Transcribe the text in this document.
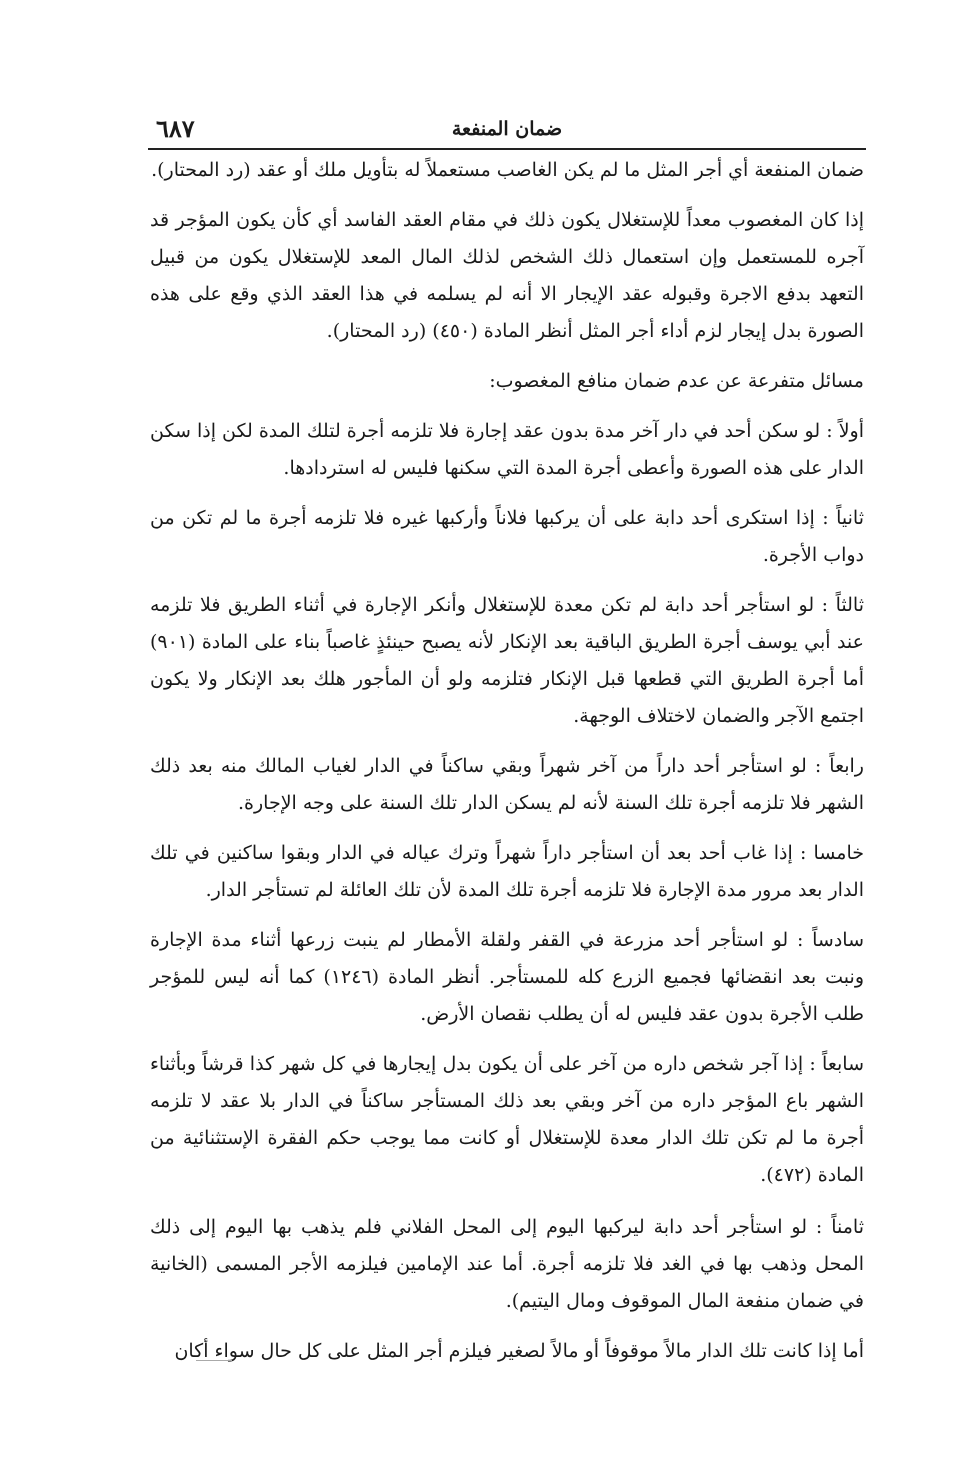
ضمان المنفعة
٦٨٧

ضمان المنفعة أي أجر المثل ما لم يكن الغاصب مستعملاً له بتأويل ملك أو عقد (رد المحتار).

إذا كان المغصوب معداً للإستغلال يكون ذلك في مقام العقد الفاسد أي كأن يكون المؤجر قد آجره للمستعمل وإن استعمال ذلك الشخص لذلك المال المعد للإستغلال يكون من قبيل التعهد بدفع الاجرة وقبوله عقد الإيجار الا أنه لم يسلمه في هذا العقد الذي وقع على هذه الصورة بدل إيجار لزم أداء أجر المثل أنظر المادة (٤٥٠) (رد المحتار).

مسائل متفرعة عن عدم ضمان منافع المغصوب:

أولاً : لو سكن أحد في دار آخر مدة بدون عقد إجارة فلا تلزمه أجرة لتلك المدة لكن إذا سكن الدار على هذه الصورة وأعطى أجرة المدة التي سكنها فليس له استردادها.

ثانياً : إذا استكرى أحد دابة على أن يركبها فلاناً وأركبها غيره فلا تلزمه أجرة ما لم تكن من دواب الأجرة.

ثالثاً : لو استأجر أحد دابة لم تكن معدة للإستغلال وأنكر الإجارة في أثناء الطريق فلا تلزمه عند أبي يوسف أجرة الطريق الباقية بعد الإنكار لأنه يصبح حينئذٍ غاصباً بناء على المادة (٩٠١) أما أجرة الطريق التي قطعها قبل الإنكار فتلزمه ولو أن المأجور هلك بعد الإنكار ولا يكون اجتمع الآجر والضمان لاختلاف الوجهة.

رابعاً : لو استأجر أحد داراً من آخر شهراً وبقي ساكناً في الدار لغياب المالك منه بعد ذلك الشهر فلا تلزمه أجرة تلك السنة لأنه لم يسكن الدار تلك السنة على وجه الإجارة.

خامسا : إذا غاب أحد بعد أن استأجر داراً شهراً وترك عياله في الدار وبقوا ساكنين في تلك الدار بعد مرور مدة الإجارة فلا تلزمه أجرة تلك المدة لأن تلك العائلة لم تستأجر الدار.

سادساً : لو استأجر أحد مزرعة في القفر ولقلة الأمطار لم ينبت زرعها أثناء مدة الإجارة ونبت بعد انقضائها فجميع الزرع كله للمستأجر. أنظر المادة (١٢٤٦) كما أنه ليس للمؤجر طلب الأجرة بدون عقد فليس له أن يطلب نقصان الأرض.

سابعاً : إذا آجر شخص داره من آخر على أن يكون بدل إيجارها في كل شهر كذا قرشاً وبأثناء الشهر باع المؤجر داره من آخر وبقي بعد ذلك المستأجر ساكناً في الدار بلا عقد لا تلزمه أجرة ما لم تكن تلك الدار معدة للإستغلال أو كانت مما يوجب حكم الفقرة الإستثنائية من المادة (٤٧٢).

ثامناً : لو استأجر أحد دابة ليركبها اليوم إلى المحل الفلاني فلم يذهب بها اليوم إلى ذلك المحل وذهب بها في الغد فلا تلزمه أجرة. أما عند الإمامين فيلزمه الأجر المسمى (الخانية في ضمان منفعة المال الموقوف ومال اليتيم).

أما إذا كانت تلك الدار مالاً موقوفاً أو مالاً لصغير فيلزم أجر المثل على كل حال سواء أكان
